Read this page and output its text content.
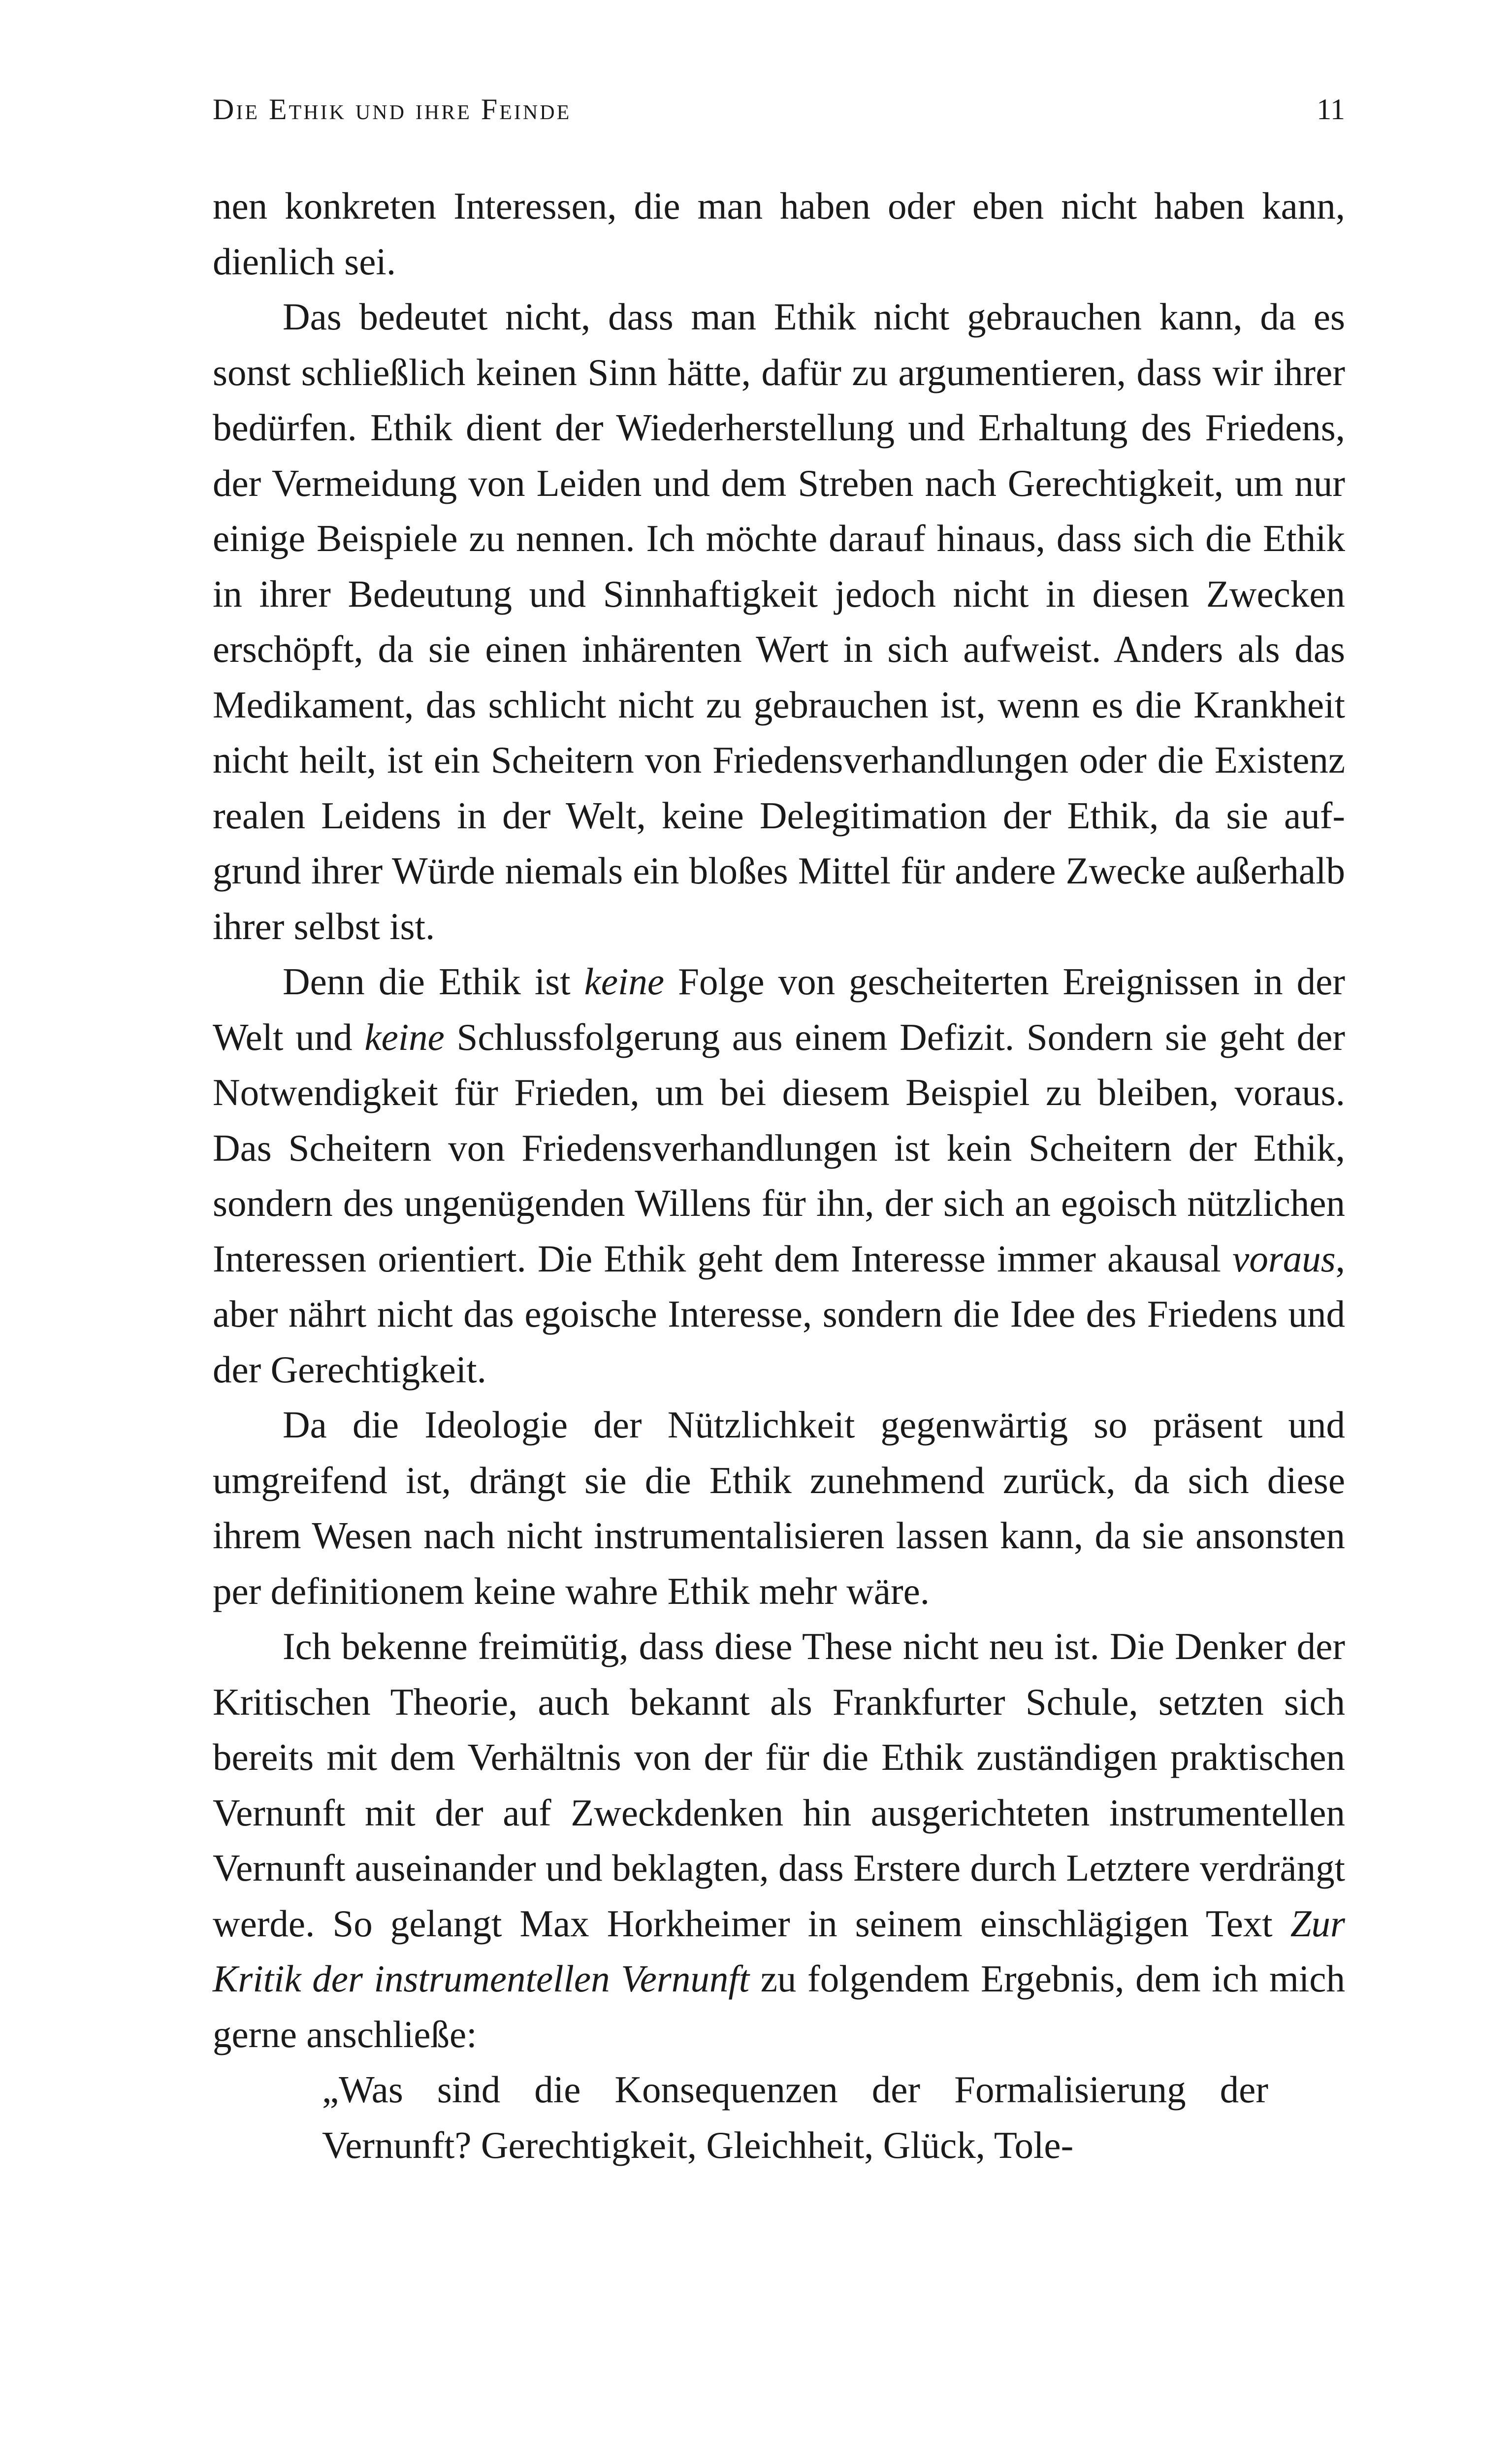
Die Ethik und ihre Feinde	11

nen konkreten Interessen, die man haben oder eben nicht haben kann, dienlich sei.

Das bedeutet nicht, dass man Ethik nicht gebrauchen kann, da es sonst schließlich keinen Sinn hätte, dafür zu argumentieren, dass wir ihrer bedürfen. Ethik dient der Wiederherstellung und Erhaltung des Friedens, der Vermeidung von Leiden und dem Streben nach Gerechtigkeit, um nur einige Beispiele zu nennen. Ich möchte darauf hinaus, dass sich die Ethik in ihrer Bedeutung und Sinnhaftigkeit jedoch nicht in diesen Zwecken erschöpft, da sie einen inhärenten Wert in sich aufweist. Anders als das Medikament, das schlicht nicht zu gebrauchen ist, wenn es die Krankheit nicht heilt, ist ein Scheitern von Friedensverhandlungen oder die Existenz realen Leidens in der Welt, keine Delegitimation der Ethik, da sie aufgrund ihrer Würde niemals ein bloßes Mittel für andere Zwecke außerhalb ihrer selbst ist.

Denn die Ethik ist keine Folge von gescheiterten Ereignissen in der Welt und keine Schlussfolgerung aus einem Defizit. Sondern sie geht der Notwendigkeit für Frieden, um bei diesem Beispiel zu bleiben, voraus. Das Scheitern von Friedensverhandlungen ist kein Scheitern der Ethik, sondern des ungenügenden Willens für ihn, der sich an egoisch nützlichen Interessen orientiert. Die Ethik geht dem Interesse immer akausal voraus, aber nährt nicht das egoische Interesse, sondern die Idee des Friedens und der Gerechtigkeit.

Da die Ideologie der Nützlichkeit gegenwärtig so präsent und umgreifend ist, drängt sie die Ethik zunehmend zurück, da sich diese ihrem Wesen nach nicht instrumentalisieren lassen kann, da sie ansonsten per definitionem keine wahre Ethik mehr wäre.

Ich bekenne freimütig, dass diese These nicht neu ist. Die Denker der Kritischen Theorie, auch bekannt als Frankfurter Schule, setzten sich bereits mit dem Verhältnis von der für die Ethik zuständigen praktischen Vernunft mit der auf Zweckdenken hin ausgerichteten instrumentellen Vernunft auseinander und beklagten, dass Erstere durch Letztere verdrängt werde. So gelangt Max Horkheimer in seinem einschlägigen Text Zur Kritik der instrumentellen Vernunft zu folgendem Ergebnis, dem ich mich gerne anschließe:

„Was sind die Konsequenzen der Formalisierung der Vernunft? Gerechtigkeit, Gleichheit, Glück, Tole-
